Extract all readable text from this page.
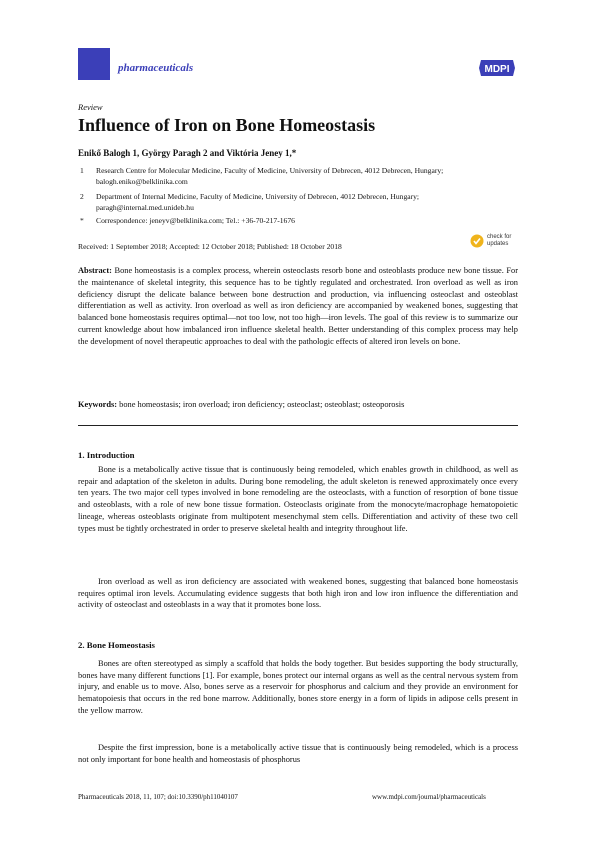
pharmaceuticals	MDPI
Review
Influence of Iron on Bone Homeostasis
Enikő Balogh 1, György Paragh 2 and Viktória Jeney 1,*
1 Research Centre for Molecular Medicine, Faculty of Medicine, University of Debrecen, 4012 Debrecen, Hungary; balogh.eniko@belklinika.com
2 Department of Internal Medicine, Faculty of Medicine, University of Debrecen, 4012 Debrecen, Hungary; paragh@internal.med.unideb.hu
* Correspondence: jeneyv@belklinika.com; Tel.: +36-70-217-1676
Received: 1 September 2018; Accepted: 12 October 2018; Published: 18 October 2018
check for updates
Abstract: Bone homeostasis is a complex process, wherein osteoclasts resorb bone and osteoblasts produce new bone tissue. For the maintenance of skeletal integrity, this sequence has to be tightly regulated and orchestrated. Iron overload as well as iron deficiency disrupt the delicate balance between bone destruction and production, via influencing osteoclast and osteoblast differentiation as well as activity. Iron overload as well as iron deficiency are accompanied by weakened bones, suggesting that balanced bone homeostasis requires optimal—not too low, not too high—iron levels. The goal of this review is to summarize our current knowledge about how imbalanced iron influence skeletal health. Better understanding of this complex process may help the development of novel therapeutic approaches to deal with the pathologic effects of altered iron levels on bone.
Keywords: bone homeostasis; iron overload; iron deficiency; osteoclast; osteoblast; osteoporosis
1. Introduction
Bone is a metabolically active tissue that is continuously being remodeled, which enables growth in childhood, as well as repair and adaptation of the skeleton in adults. During bone remodeling, the adult skeleton is renewed approximately once every ten years. The two major cell types involved in bone remodeling are the osteoclasts, with a function of resorption of bone tissue and osteoblasts, with a role of new bone tissue formation. Osteoclasts originate from the monocyte/macrophage hematopoietic lineage, whereas osteoblasts originate from multipotent mesenchymal stem cells. Differentiation and activity of these two cell types must be tightly orchestrated in order to preserve skeletal health and integrity throughout life.
Iron overload as well as iron deficiency are associated with weakened bones, suggesting that balanced bone homeostasis requires optimal iron levels. Accumulating evidence suggests that both high iron and low iron influence the differentiation and activity of osteoclast and osteoblasts in a way that it promotes bone loss.
2. Bone Homeostasis
Bones are often stereotyped as simply a scaffold that holds the body together. But besides supporting the body structurally, bones have many different functions [1]. For example, bones protect our internal organs as well as the central nervous system from injury, and enable us to move. Also, bones serve as a reservoir for phosphorus and calcium and they provide an environment for hematopoiesis that occurs in the red bone marrow. Additionally, bones store energy in a form of lipids in adipose cells present in the yellow marrow.
Despite the first impression, bone is a metabolically active tissue that is continuously being remodeled, which is a process not only important for bone health and homeostasis of phosphorus
Pharmaceuticals 2018, 11, 107; doi:10.3390/ph11040107	www.mdpi.com/journal/pharmaceuticals
